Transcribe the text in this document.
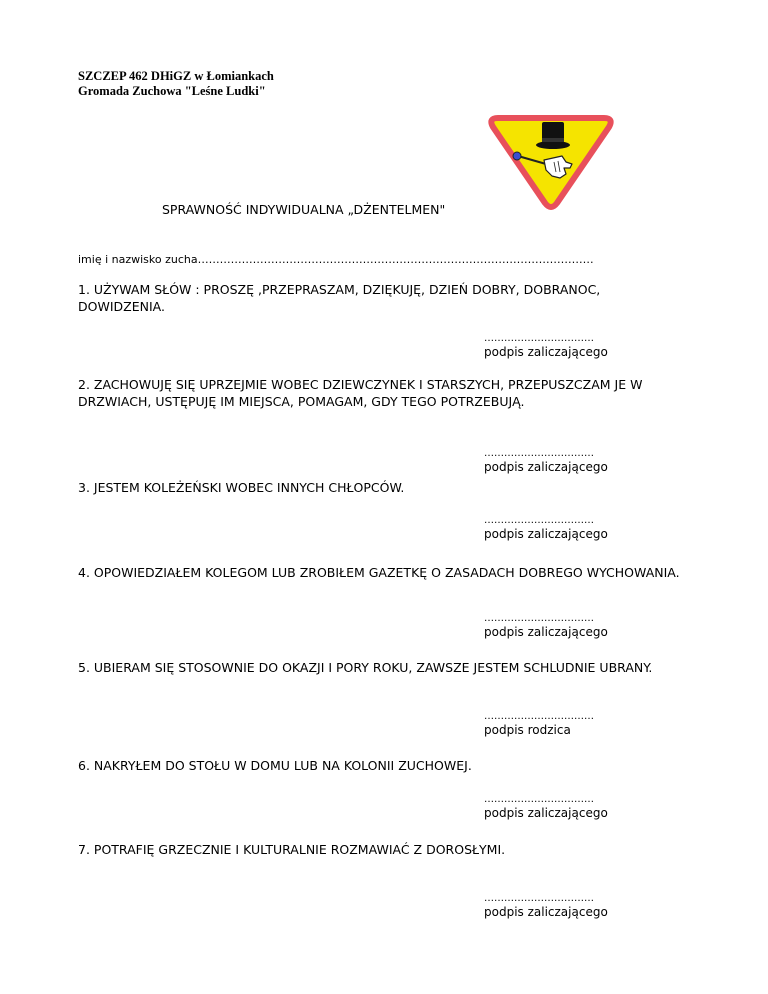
SZCZEP 462 DHiGZ w Łomiankach
Gromada Zuchowa "Leśne Ludki"
SPRAWNOŚĆ INDYWIDUALNA „DŻENTELMEN"
imię i nazwisko zucha………………………………………………………………………………………………
1. UŻYWAM SŁÓW : PROSZĘ ,PRZEPRASZAM, DZIĘKUJĘ, DZIEŃ DOBRY, DOBRANOC, DOWIDZENIA.
……………………………
podpis zaliczającego
2. ZACHOWUJĘ SIĘ UPRZEJMIE WOBEC DZIEWCZYNEK I STARSZYCH, PRZEPUSZCZAM JE W DRZWIACH, USTĘPUJĘ IM MIEJSCA, POMAGAM, GDY TEGO POTRZEBUJĄ.
……………………………
podpis zaliczającego
3. JESTEM KOLEŻEŃSKI WOBEC INNYCH CHŁOPCÓW.
……………………………
podpis zaliczającego
4. OPOWIEDZIAŁEM KOLEGOM LUB ZROBIŁEM GAZETKĘ O ZASADACH DOBREGO WYCHOWANIA.
……………………………
podpis zaliczającego
5. UBIERAM SIĘ STOSOWNIE DO OKAZJI I PORY ROKU, ZAWSZE JESTEM SCHLUDNIE UBRANY.
……………………………
podpis rodzica
6. NAKRYŁEM DO STOŁU W DOMU LUB NA KOLONII ZUCHOWEJ.
……………………………
podpis zaliczającego
7. POTRAFIĘ GRZECZNIE I KULTURALNIE ROZMAWIAĆ Z DOROSŁYMI.
……………………………
podpis zaliczającego
